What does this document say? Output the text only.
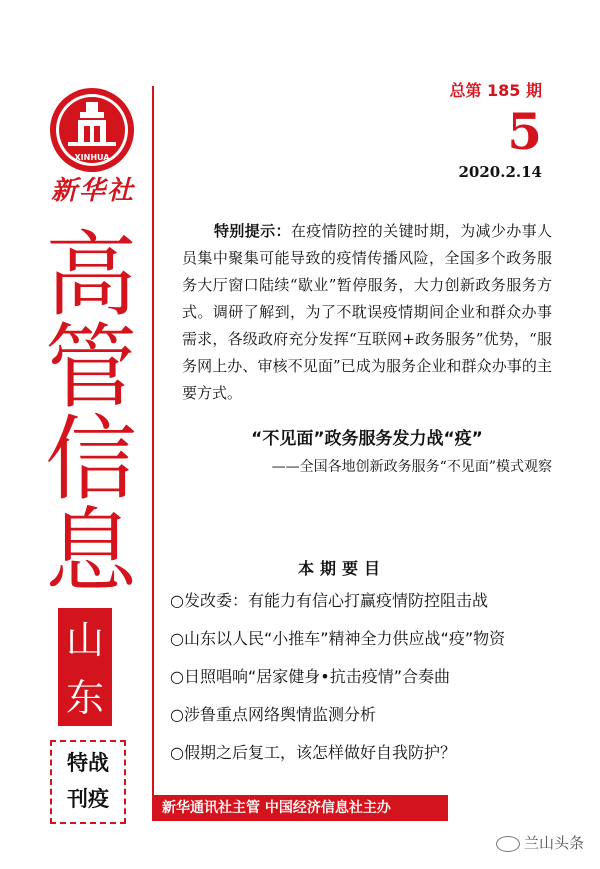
XINHUA
新华社
高
管
信
息
山
东
特战
刊疫
总第 185 期
5
2020.2.14
特别提示：在疫情防控的关键时期，为减少办事人员集中聚集可能导致的疫情传播风险，全国多个政务服务大厅窗口陆续“歇业”暂停服务，大力创新政务服务方式。调研了解到，为了不耽误疫情期间企业和群众办事需求，各级政府充分发挥“互联网+政务服务”优势，“服务网上办、审核不见面”已成为服务企业和群众办事的主要方式。
“不见面”政务服务发力战“疫”
——全国各地创新政务服务“不见面”模式观察
本期要目
○发改委：有能力有信心打赢疫情防控阻击战
○山东以人民“小推车”精神全力供应战“疫”物资
○日照唱响“居家健身•抗击疫情”合奏曲
○涉鲁重点网络舆情监测分析
○假期之后复工，该怎样做好自我防护？
新华通讯社主管 中国经济信息社主办
兰山头条
